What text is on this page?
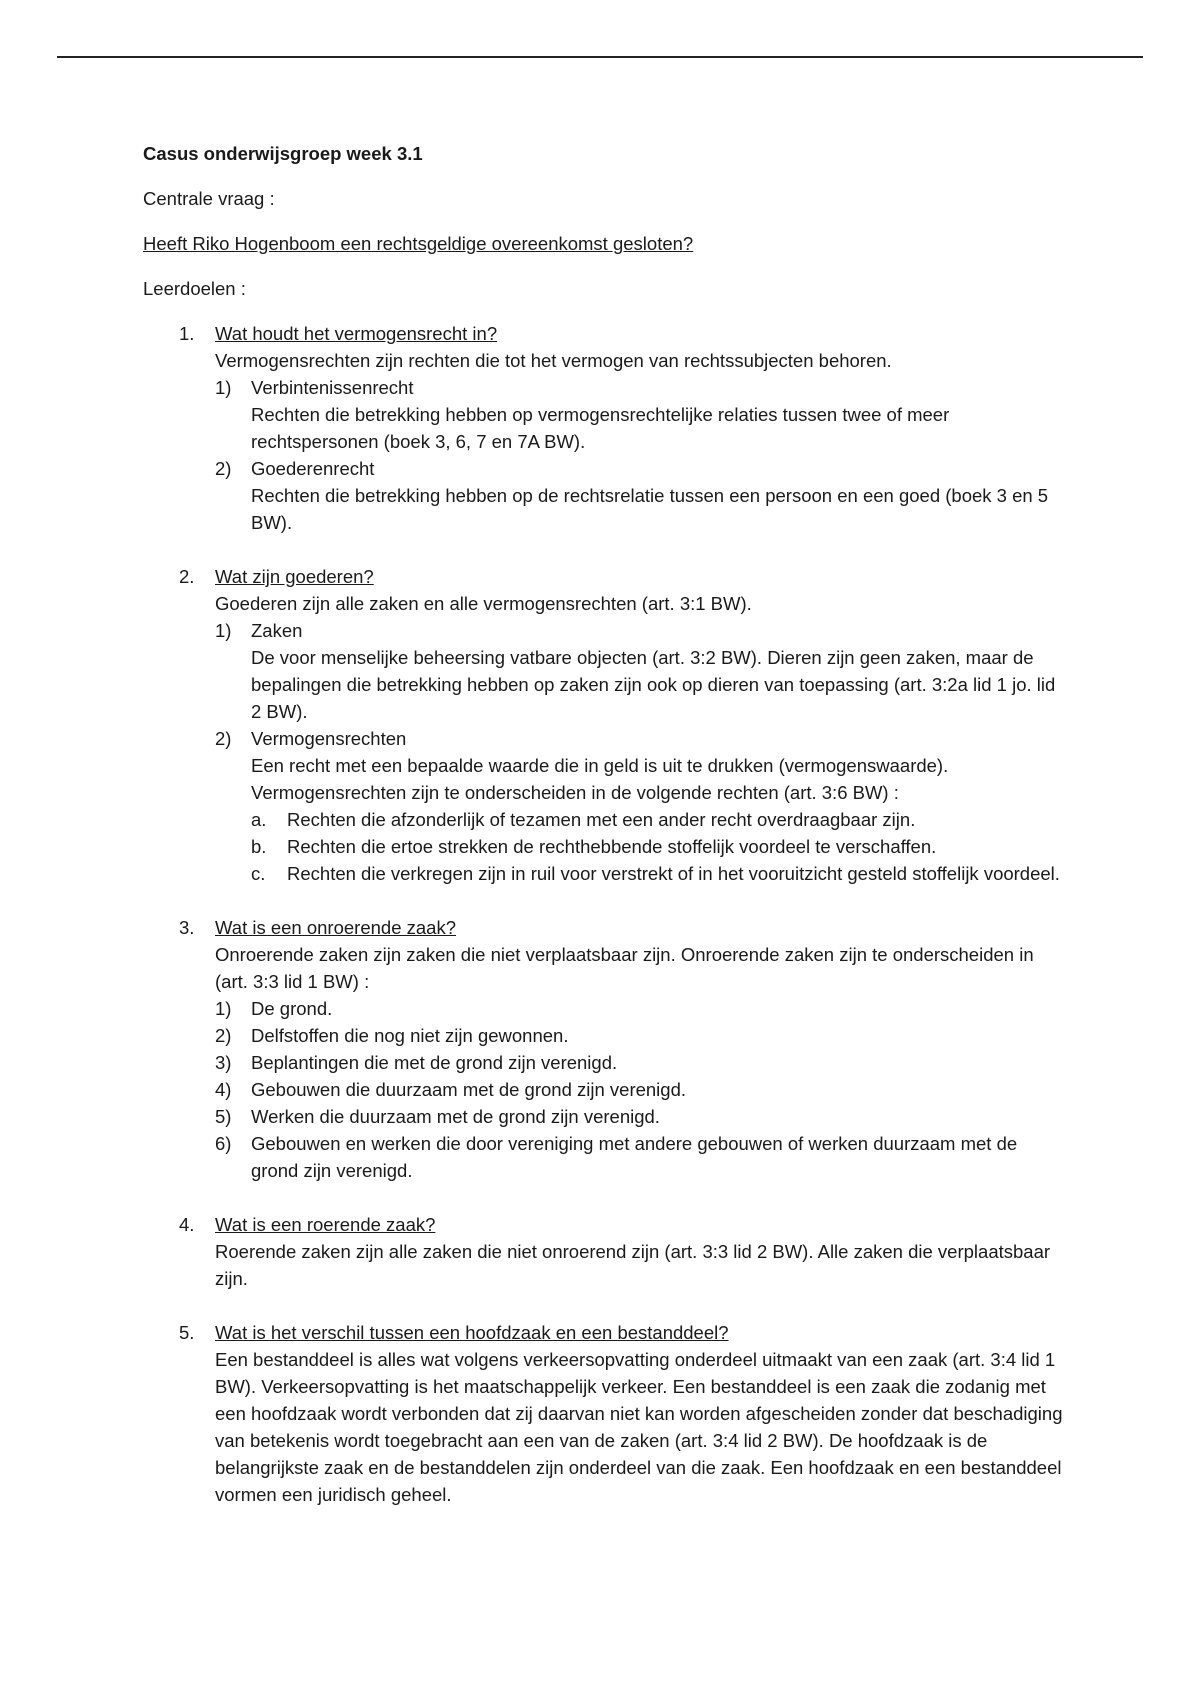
Casus onderwijsgroep week 3.1
Centrale vraag :
Heeft Riko Hogenboom een rechtsgeldige overeenkomst gesloten?
Leerdoelen :
1. Wat houdt het vermogensrecht in?
Vermogensrechten zijn rechten die tot het vermogen van rechtssubjecten behoren.
1) Verbintenissenrecht
Rechten die betrekking hebben op vermogensrechtelijke relaties tussen twee of meer rechtspersonen (boek 3, 6, 7 en 7A BW).
2) Goederenrecht
Rechten die betrekking hebben op de rechtsrelatie tussen een persoon en een goed (boek 3 en 5 BW).
2. Wat zijn goederen?
Goederen zijn alle zaken en alle vermogensrechten (art. 3:1 BW).
1) Zaken
De voor menselijke beheersing vatbare objecten (art. 3:2 BW). Dieren zijn geen zaken, maar de bepalingen die betrekking hebben op zaken zijn ook op dieren van toepassing (art. 3:2a lid 1 jo. lid 2 BW).
2) Vermogensrechten
Een recht met een bepaalde waarde die in geld is uit te drukken (vermogenswaarde). Vermogensrechten zijn te onderscheiden in de volgende rechten (art. 3:6 BW) :
a. Rechten die afzonderlijk of tezamen met een ander recht overdraagbaar zijn.
b. Rechten die ertoe strekken de rechthebbende stoffelijk voordeel te verschaffen.
c. Rechten die verkregen zijn in ruil voor verstrekt of in het vooruitzicht gesteld stoffelijk voordeel.
3. Wat is een onroerende zaak?
Onroerende zaken zijn zaken die niet verplaatsbaar zijn. Onroerende zaken zijn te onderscheiden in (art. 3:3 lid 1 BW) :
1) De grond.
2) Delfstoffen die nog niet zijn gewonnen.
3) Beplantingen die met de grond zijn verenigd.
4) Gebouwen die duurzaam met de grond zijn verenigd.
5) Werken die duurzaam met de grond zijn verenigd.
6) Gebouwen en werken die door vereniging met andere gebouwen of werken duurzaam met de grond zijn verenigd.
4. Wat is een roerende zaak?
Roerende zaken zijn alle zaken die niet onroerend zijn (art. 3:3 lid 2 BW). Alle zaken die verplaatsbaar zijn.
5. Wat is het verschil tussen een hoofdzaak en een bestanddeel?
Een bestanddeel is alles wat volgens verkeersopvatting onderdeel uitmaakt van een zaak (art. 3:4 lid 1 BW). Verkeersopvatting is het maatschappelijk verkeer. Een bestanddeel is een zaak die zodanig met een hoofdzaak wordt verbonden dat zij daarvan niet kan worden afgescheiden zonder dat beschadiging van betekenis wordt toegebracht aan een van de zaken (art. 3:4 lid 2 BW). De hoofdzaak is de belangrijkste zaak en de bestanddelen zijn onderdeel van die zaak. Een hoofdzaak en een bestanddeel vormen een juridisch geheel.
